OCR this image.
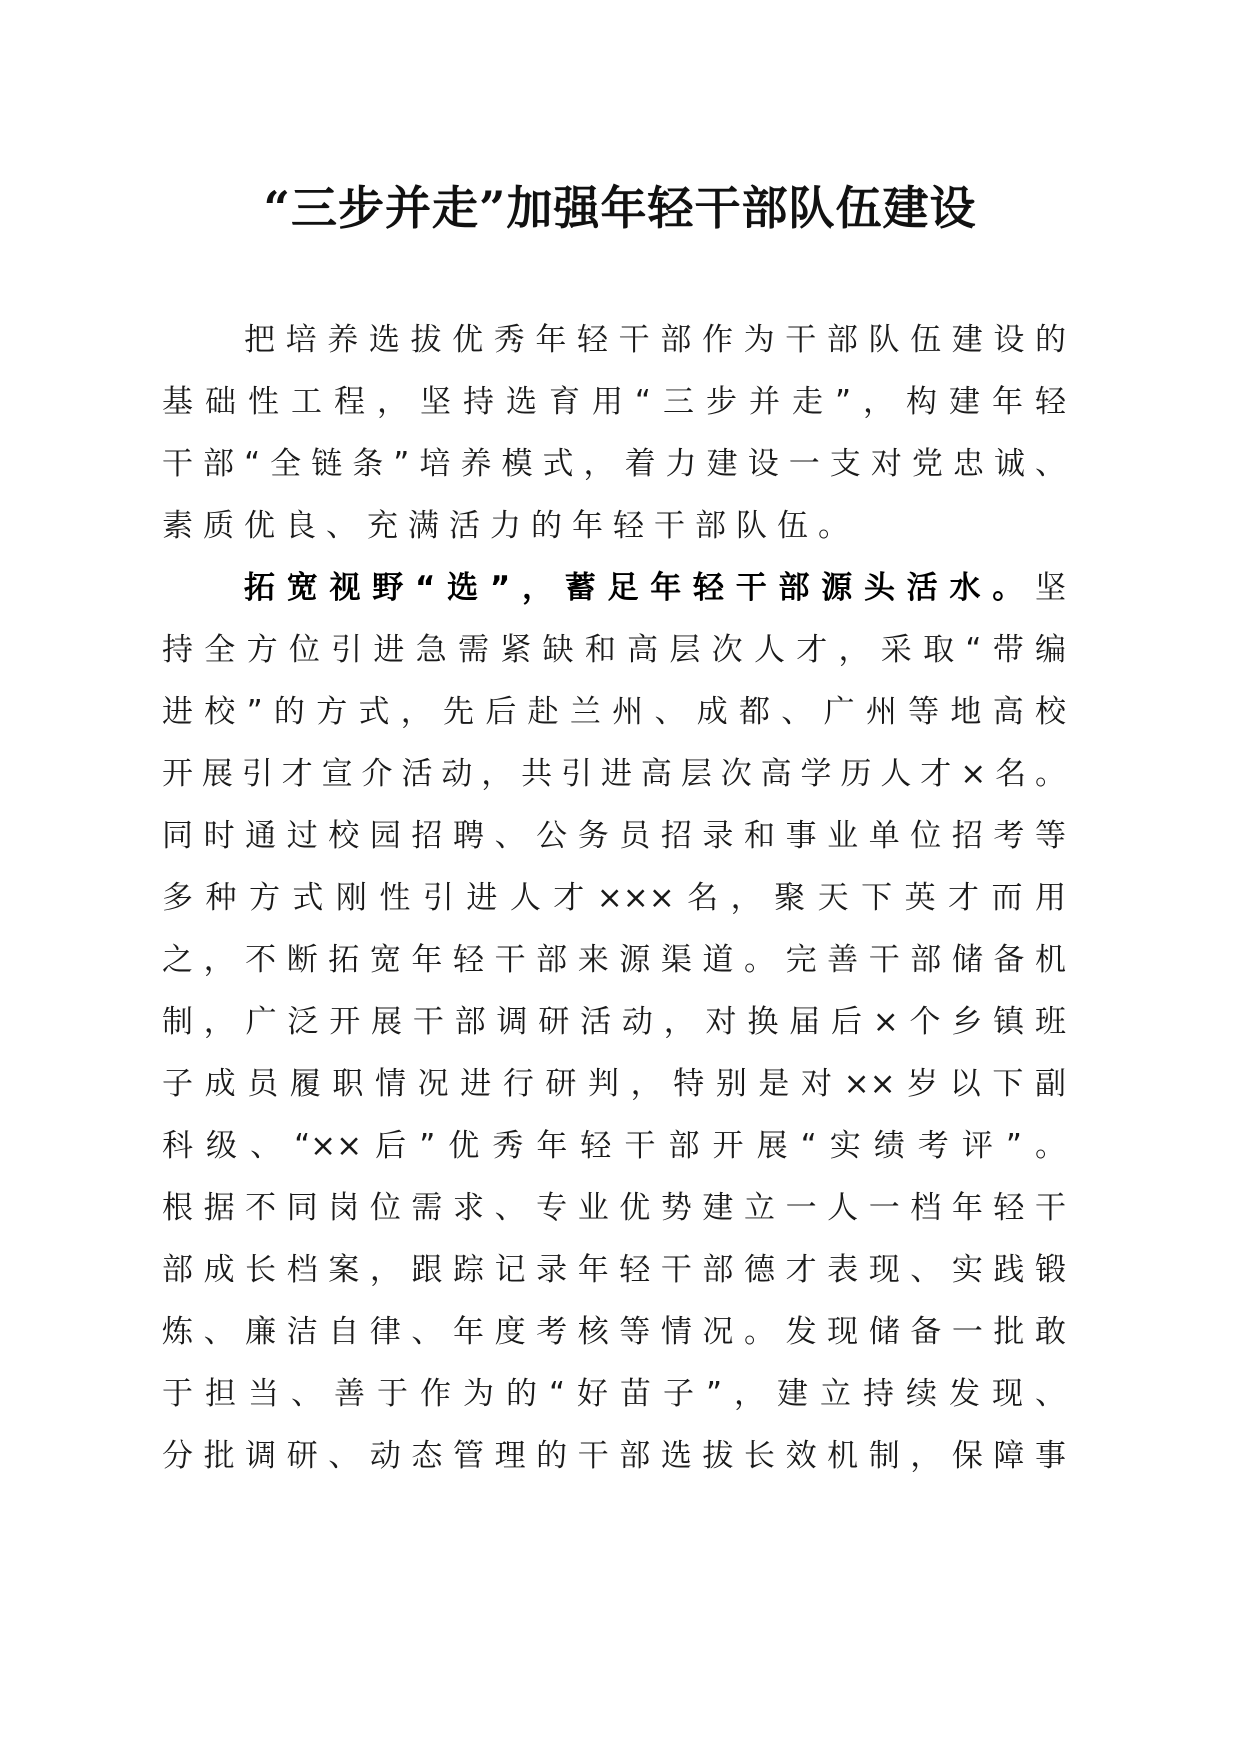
“三步并走”加强年轻干部队伍建设
把培养选拔优秀年轻干部作为干部队伍建设的
基础性工程，坚持选育用“三步并走”，构建年轻
干部“全链条”培养模式，着力建设一支对党忠诚、
素质优良、充满活力的年轻干部队伍。
拓宽视野“选”，蓄足年轻干部源头活水。坚
持全方位引进急需紧缺和高层次人才，采取“带编
进校”的方式，先后赴兰州、成都、广州等地高校
开展引才宣介活动，共引进高层次高学历人才×名。
同时通过校园招聘、公务员招录和事业单位招考等
多种方式刚性引进人才×××名，聚天下英才而用
之，不断拓宽年轻干部来源渠道。完善干部储备机
制，广泛开展干部调研活动，对换届后×个乡镇班
子成员履职情况进行研判，特别是对××岁以下副
科级、“××后”优秀年轻干部开展“实绩考评”。
根据不同岗位需求、专业优势建立一人一档年轻干
部成长档案，跟踪记录年轻干部德才表现、实践锻
炼、廉洁自律、年度考核等情况。发现储备一批敢
于担当、善于作为的“好苗子”，建立持续发现、
分批调研、动态管理的干部选拔长效机制，保障事
